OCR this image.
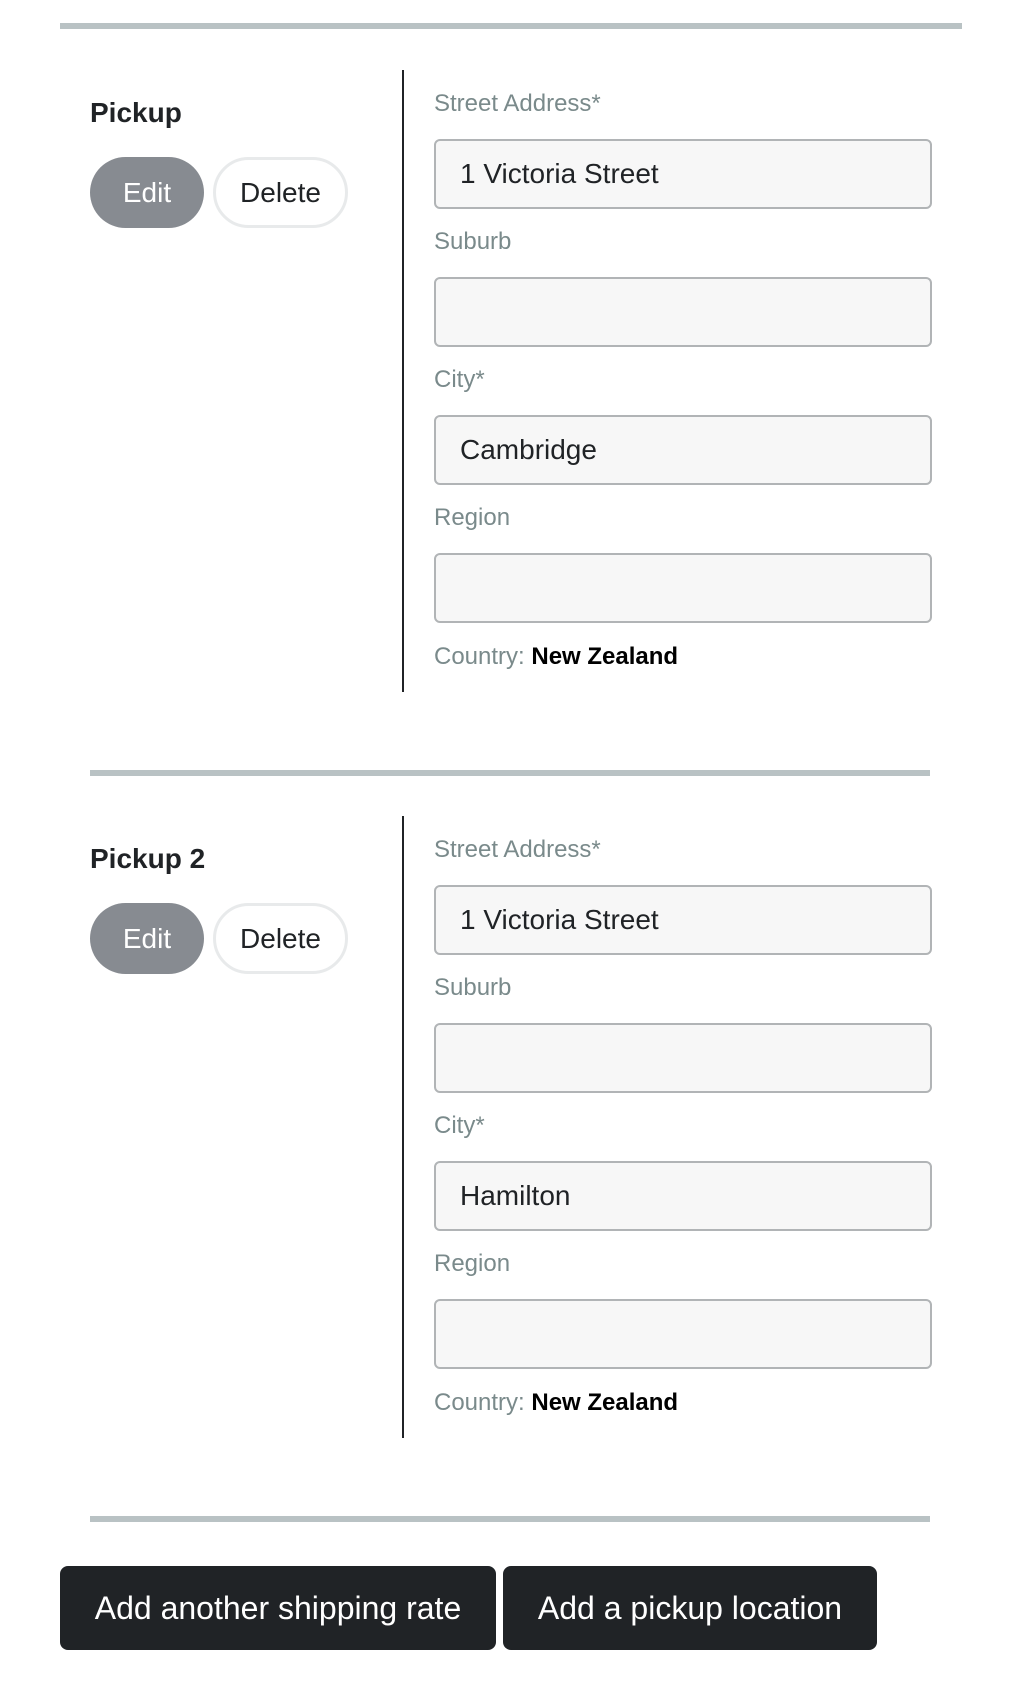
Pickup
Edit	Delete
Street Address*
1 Victoria Street
Suburb
City*
Cambridge
Region
Country: New Zealand
Pickup 2
Edit	Delete
Street Address*
1 Victoria Street
Suburb
City*
Hamilton
Region
Country: New Zealand
Add another shipping rate	Add a pickup location
